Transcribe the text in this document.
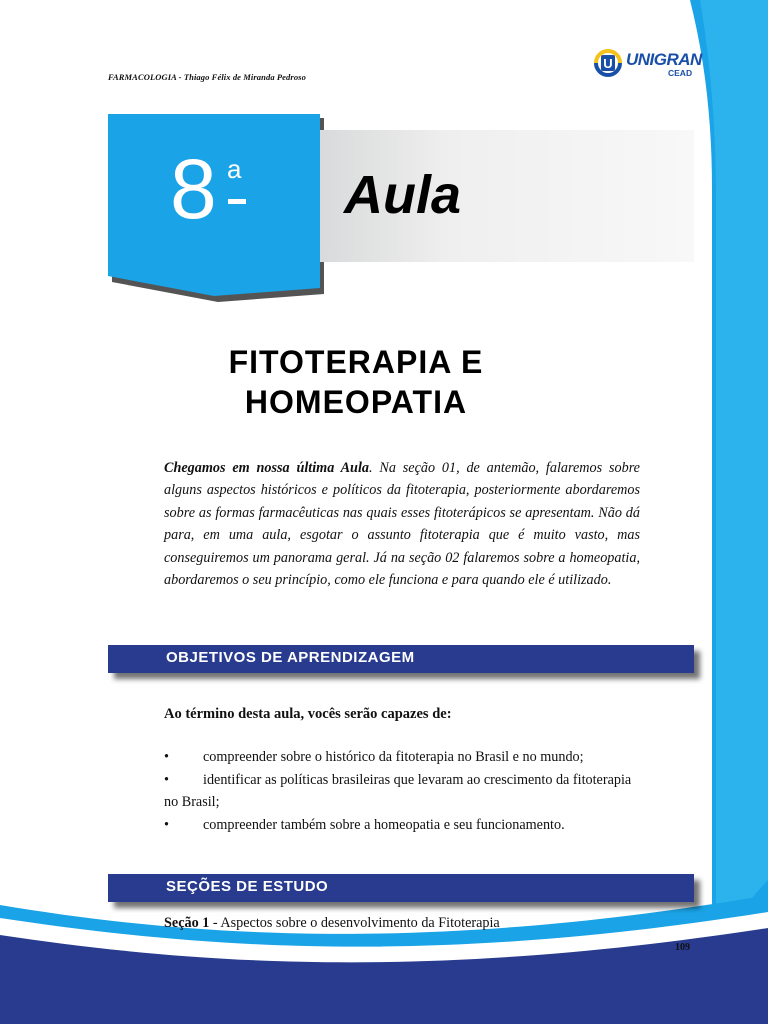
FARMACOLOGIA - Thiago Félix de Miranda Pedroso
U UNIGRAN
CEAD
Aula
8 a
FITOTERAPIA E
HOMEOPATIA
Chegamos em nossa última Aula. Na seção 01, de antemão, falaremos sobre alguns aspectos históricos e políticos da fitoterapia, posteriormente abordaremos sobre as formas farmacêuticas nas quais esses fitoterápicos se apresentam. Não dá para, em uma aula, esgotar o assunto fitoterapia que é muito vasto, mas conseguiremos um panorama geral. Já na seção 02 falaremos sobre a homeopatia, abordaremos o seu princípio, como ele funciona e para quando ele é utilizado.
OBJETIVOS DE APRENDIZAGEM
Ao término desta aula, vocês serão capazes de:
•	compreender sobre o histórico da fitoterapia no Brasil e no mundo;
•	identificar as políticas brasileiras que levaram ao crescimento da fitoterapia
no Brasil;
•	compreender também sobre a homeopatia e seu funcionamento.
SEÇÕES DE ESTUDO
Seção 1 - Aspectos sobre o desenvolvimento da Fitoterapia
109
